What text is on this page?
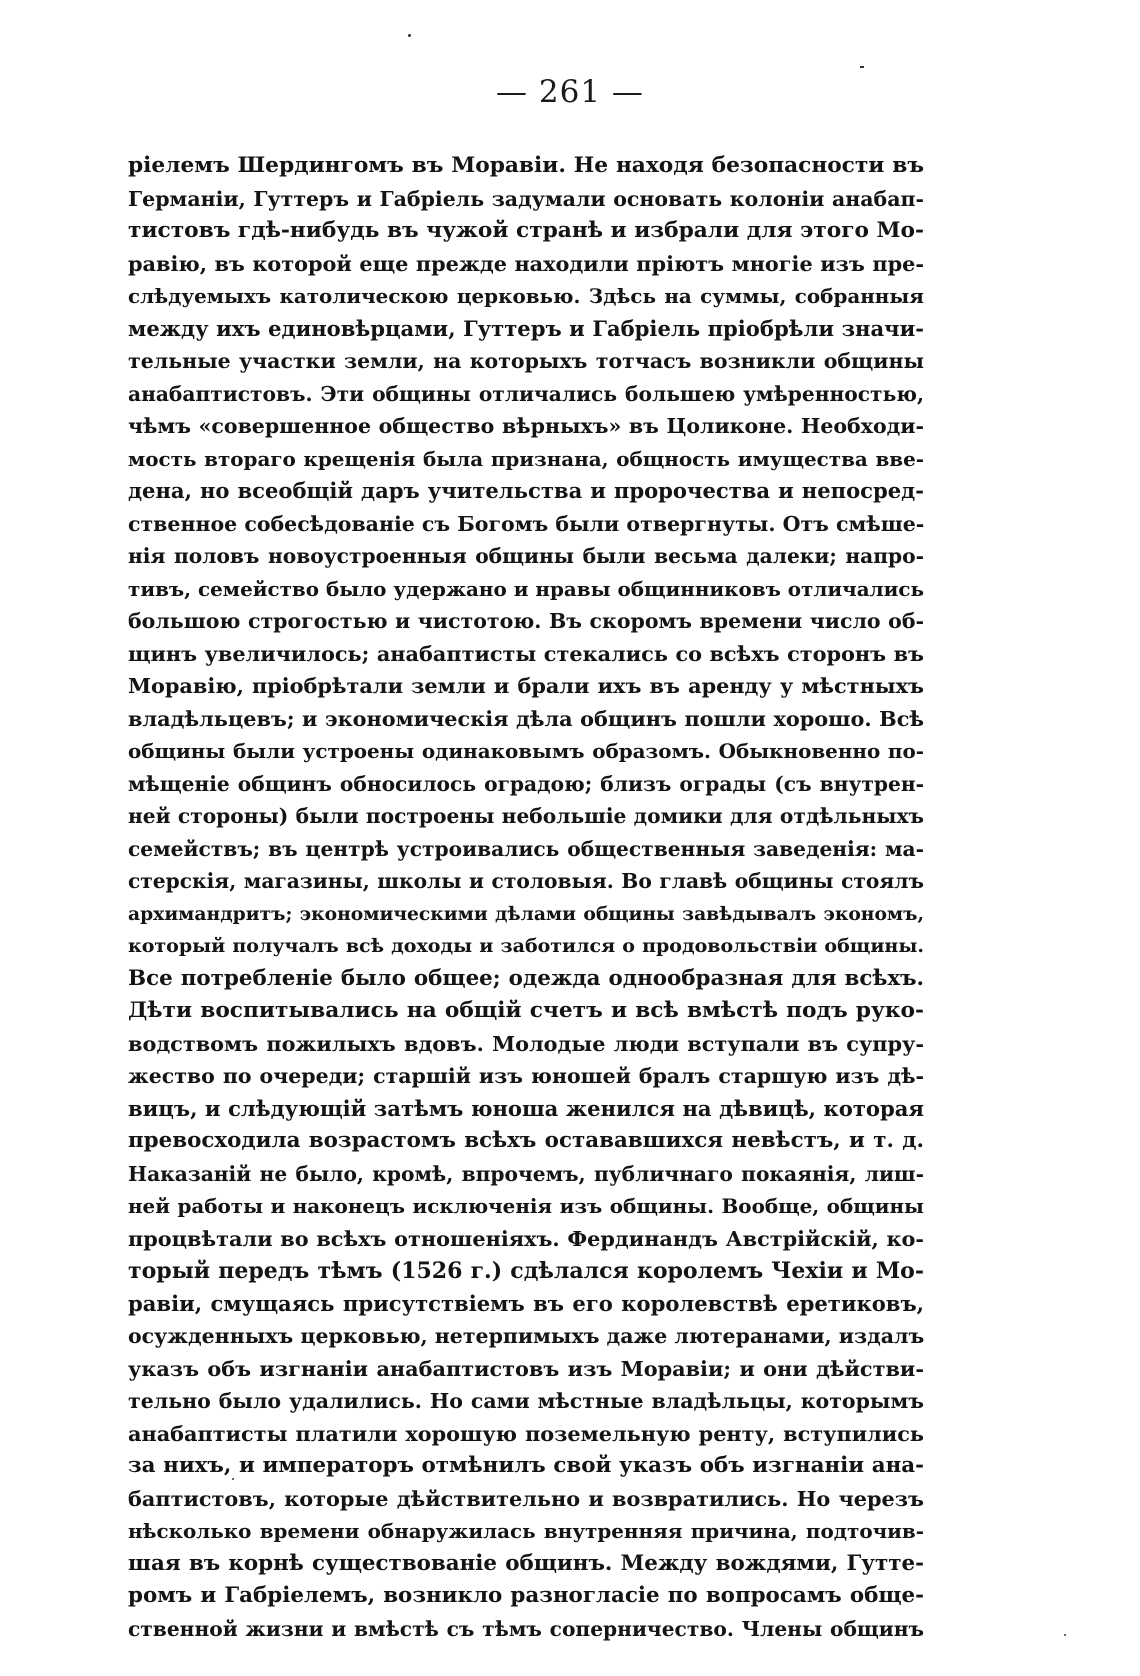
— 261 —
ріелемъ Шердингомъ въ Моравіи. Не находя безопасности въ
Германіи, Гуттеръ и Габріель задумали основать колоніи анабап-
тистовъ гдѣ-нибудь въ чужой странѣ и избрали для этого Мо-
равію, въ которой еще прежде находили пріютъ многіе изъ пре-
слѣдуемыхъ католическою церковью. Здѣсь на суммы, собранныя
между ихъ единовѣрцами, Гуттеръ и Габріель пріобрѣли значи-
тельные участки земли, на которыхъ тотчасъ возникли общины
анабаптистовъ. Эти общины отличались большею умѣренностью,
чѣмъ «совершенное общество вѣрныхъ» въ Цоликоне. Необходи-
мость втораго крещенія была признана, общность имущества вве-
дена, но всеобщій даръ учительства и пророчества и непосред-
ственное собесѣдованіе съ Богомъ были отвергнуты. Отъ смѣше-
нія половъ новоустроенныя общины были весьма далеки; напро-
тивъ, семейство было удержано и нравы общинниковъ отличались
большою строгостью и чистотою. Въ скоромъ времени число об-
щинъ увеличилось; анабаптисты стекались со всѣхъ сторонъ въ
Моравію, пріобрѣтали земли и брали ихъ въ аренду у мѣстныхъ
владѣльцевъ; и экономическія дѣла общинъ пошли хорошо. Всѣ
общины были устроены одинаковымъ образомъ. Обыкновенно по-
мѣщеніе общинъ обносилось оградою; близъ ограды (съ внутрен-
ней стороны) были построены небольшіе домики для отдѣльныхъ
семействъ; въ центрѣ устроивались общественныя заведенія: ма-
стерскія, магазины, школы и столовыя. Во главѣ общины стоялъ
архимандритъ; экономическими дѣлами общины завѣдывалъ экономъ,
который получалъ всѣ доходы и заботился о продовольствіи общины.
Все потребленіе было общее; одежда однообразная для всѣхъ.
Дѣти воспитывались на общій счетъ и всѣ вмѣстѣ подъ руко-
водствомъ пожилыхъ вдовъ. Молодые люди вступали въ супру-
жество по очереди; старшій изъ юношей бралъ старшую изъ дѣ-
вицъ, и слѣдующій затѣмъ юноша женился на дѣвицѣ, которая
превосходила возрастомъ всѣхъ остававшихся невѣстъ, и т. д.
Наказаній не было, кромѣ, впрочемъ, публичнаго покаянія, лиш-
ней работы и наконецъ исключенія изъ общины. Вообще, общины
процвѣтали во всѣхъ отношеніяхъ. Фердинандъ Австрійскій, ко-
торый передъ тѣмъ (1526 г.) сдѣлался королемъ Чехіи и Мо-
равіи, смущаясь присутствіемъ въ его королевствѣ еретиковъ,
осужденныхъ церковью, нетерпимыхъ даже лютеранами, издалъ
указъ объ изгнаніи анабаптистовъ изъ Моравіи; и они дѣйстви-
тельно было удалились. Но сами мѣстные владѣльцы, которымъ
анабаптисты платили хорошую поземельную ренту, вступились
за нихъ, и императоръ отмѣнилъ свой указъ объ изгнаніи ана-
баптистовъ, которые дѣйствительно и возвратились. Но черезъ
нѣсколько времени обнаружилась внутренняя причина, подточив-
шая въ корнѣ существованіе общинъ. Между вождями, Гутте-
ромъ и Габріелемъ, возникло разногласіе по вопросамъ обще-
ственной жизни и вмѣстѣ съ тѣмъ соперничество. Члены общинъ
